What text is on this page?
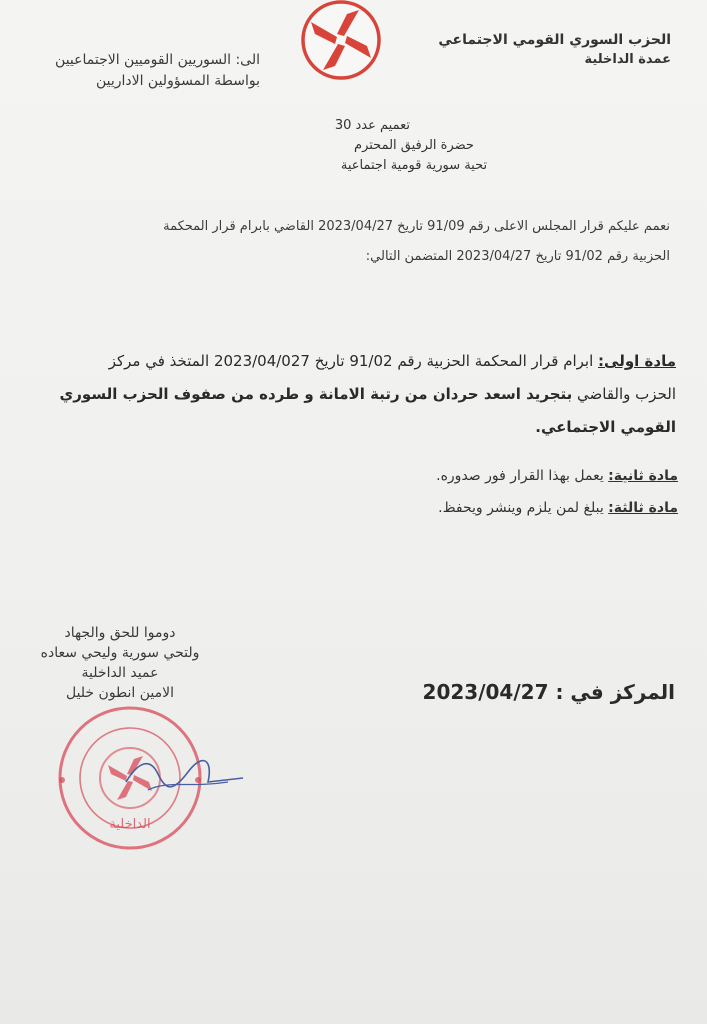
الحزب السوري القومي الاجتماعي
عمدة الداخلية
الى: السوريين القوميين الاجتماعيين
بواسطة المسؤولين الاداريين
تعميم عدد 30
حضرة الرفيق المحترم
تحية سورية قومية اجتماعية
نعمم عليكم قرار المجلس الاعلى رقم 91/09 تاريخ 2023/04/27 القاضي بابرام قرار المحكمة
الحزبية رقم 91/02 تاريخ 2023/04/27 المتضمن التالي:
مادة اولى: ابرام قرار المحكمة الحزبية رقم 91/02 تاريخ 2023/04/027 المتخذ في مركز
الحزب والقاضي بتجريد اسعد حردان من رتبة الامانة و طرده من صفوف الحزب السوري
القومي الاجتماعي.
مادة ثانية: يعمل بهذا القرار فور صدوره.
مادة ثالثة: يبلغ لمن يلزم وينشر ويحفظ.
المركز في : 2023/04/27
الداخلية
دوموا للحق والجهاد
ولتحي سورية وليحي سعاده
عميد الداخلية
الامين انطون خليل
